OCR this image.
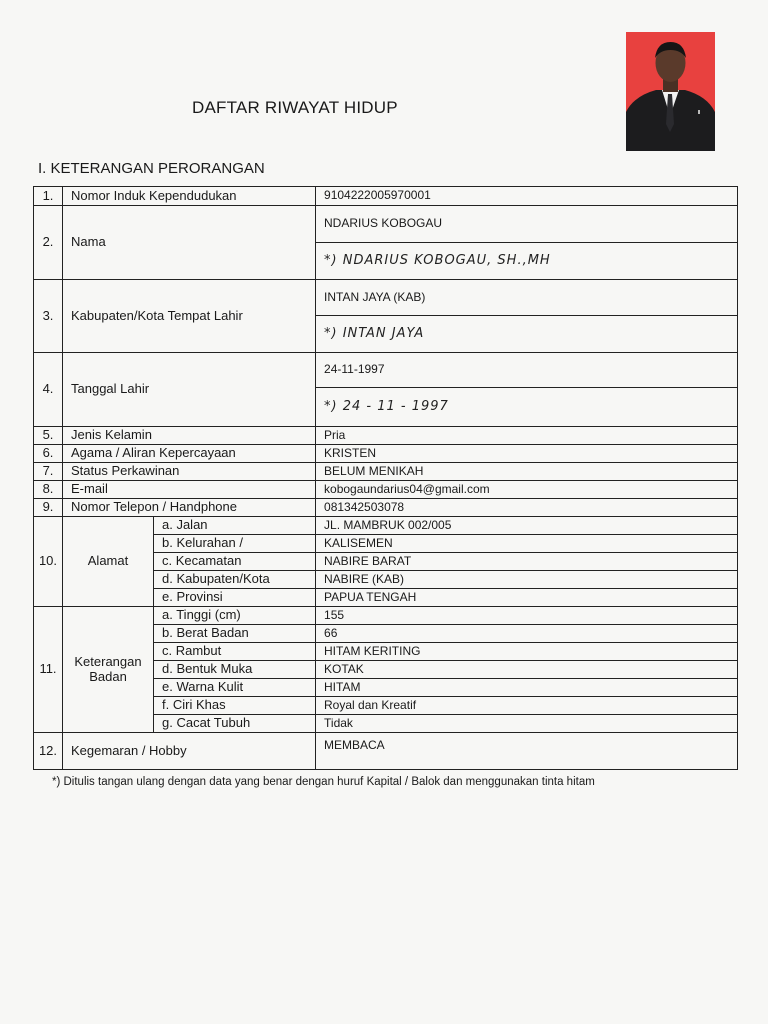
DAFTAR RIWAYAT HIDUP
I. KETERANGAN PERORANGAN
1.	Nomor Induk Kependudukan		9104222005970001
2.	Nama		NDARIUS KOBOGAU
			*) NDARIUS KOBOGAU, SH.,MH
3.	Kabupaten/Kota Tempat Lahir		INTAN JAYA (KAB)
			*) INTAN JAYA
4.	Tanggal Lahir		24-11-1997
			*) 24 - 11 - 1997
5.	Jenis Kelamin		Pria
6.	Agama / Aliran Kepercayaan		KRISTEN
7.	Status Perkawinan		BELUM MENIKAH
8.	E-mail		kobogaundarius04@gmail.com
9.	Nomor Telepon / Handphone		081342503078
10.	Alamat	a. Jalan	JL. MAMBRUK 002/005
		b. Kelurahan /	KALISEMEN
		c. Kecamatan	NABIRE BARAT
		d. Kabupaten/Kota	NABIRE (KAB)
		e. Provinsi	PAPUA TENGAH
11.	Keterangan
Badan	a. Tinggi (cm)	155
		b. Berat Badan	66
		c. Rambut	HITAM KERITING
		d. Bentuk Muka	KOTAK
		e. Warna Kulit	HITAM
		f. Ciri Khas	Royal dan Kreatif
		g. Cacat Tubuh	Tidak
12.	Kegemaran / Hobby		MEMBACA
*) Ditulis tangan ulang dengan data yang benar dengan huruf Kapital / Balok dan menggunakan tinta hitam
